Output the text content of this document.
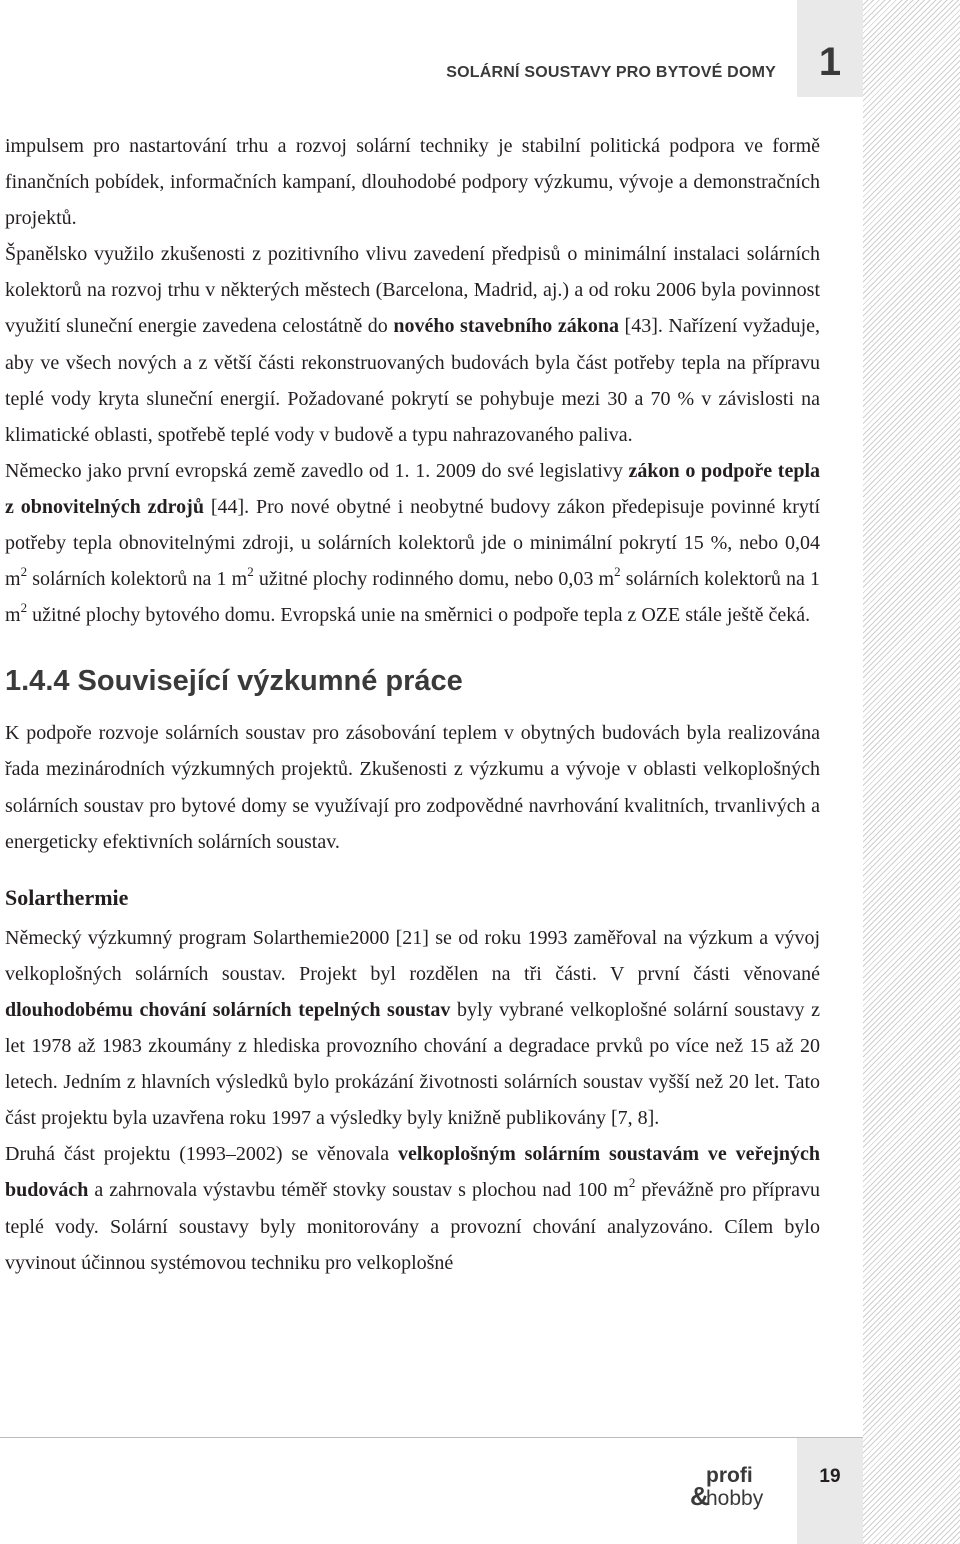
1
SOLÁRNÍ SOUSTAVY PRO BYTOVÉ DOMY

impulsem pro nastartování trhu a rozvoj solární techniky je stabilní politická podpora ve formě finančních pobídek, informačních kampaní, dlouhodobé podpory výzkumu, vývoje a demonstračních projektů.

Španělsko využilo zkušenosti z pozitivního vlivu zavedení předpisů o minimální instalaci solárních kolektorů na rozvoj trhu v některých městech (Barcelona, Madrid, aj.) a od roku 2006 byla povinnost využití sluneční energie zavedena celostátně do nového stavebního zákona [43]. Nařízení vyžaduje, aby ve všech nových a z větší části rekonstruovaných budovách byla část potřeby tepla na přípravu teplé vody kryta sluneční energií. Požadované pokrytí se pohybuje mezi 30 a 70 % v závislosti na klimatické oblasti, spotřebě teplé vody v budově a typu nahrazovaného paliva.

Německo jako první evropská země zavedlo od 1. 1. 2009 do své legislativy zákon o podpoře tepla z obnovitelných zdrojů [44]. Pro nové obytné i neobytné budovy zákon předepisuje povinné krytí potřeby tepla obnovitelnými zdroji, u solárních kolektorů jde o minimální pokrytí 15 %, nebo 0,04 $m^2$ solárních kolektorů na 1 $m^2$ užitné plochy rodinného domu, nebo 0,03 $m^2$ solárních kolektorů na 1 $m^2$ užitné plochy bytového domu. Evropská unie na směrnici o podpoře tepla z OZE stále ještě čeká.

1.4.4 Související výzkumné práce

K podpoře rozvoje solárních soustav pro zásobování teplem v obytných budovách byla realizována řada mezinárodních výzkumných projektů. Zkušenosti z výzkumu a vývoje v oblasti velkoplošných solárních soustav pro bytové domy se využívají pro zodpovědné navrhování kvalitních, trvanlivých a energeticky efektivních solárních soustav.

Solarthermie

Německý výzkumný program Solarthemie2000 [21] se od roku 1993 zaměřoval na výzkum a vývoj velkoplošných solárních soustav. Projekt byl rozdělen na tři části. V první části věnované dlouhodobému chování solárních tepelných soustav byly vybrané velkoplošné solární soustavy z let 1978 až 1983 zkoumány z hlediska provozního chování a degradace prvků po více než 15 až 20 letech. Jedním z hlavních výsledků bylo prokázání životnosti solárních soustav vyšší než 20 let. Tato část projektu byla uzavřena roku 1997 a výsledky byly knižně publikovány [7, 8].

Druhá část projektu (1993–2002) se věnovala velkoplošným solárním soustavám ve veřejných budovách a zahrnovala výstavbu téměř stovky soustav s plochou nad 100 $m^2$ převážně pro přípravu teplé vody. Solární soustavy byly monitorovány a provozní chování analyzováno. Cílem bylo vyvinout účinnou systémovou techniku pro velkoplošné

profi
&
hobby
19
